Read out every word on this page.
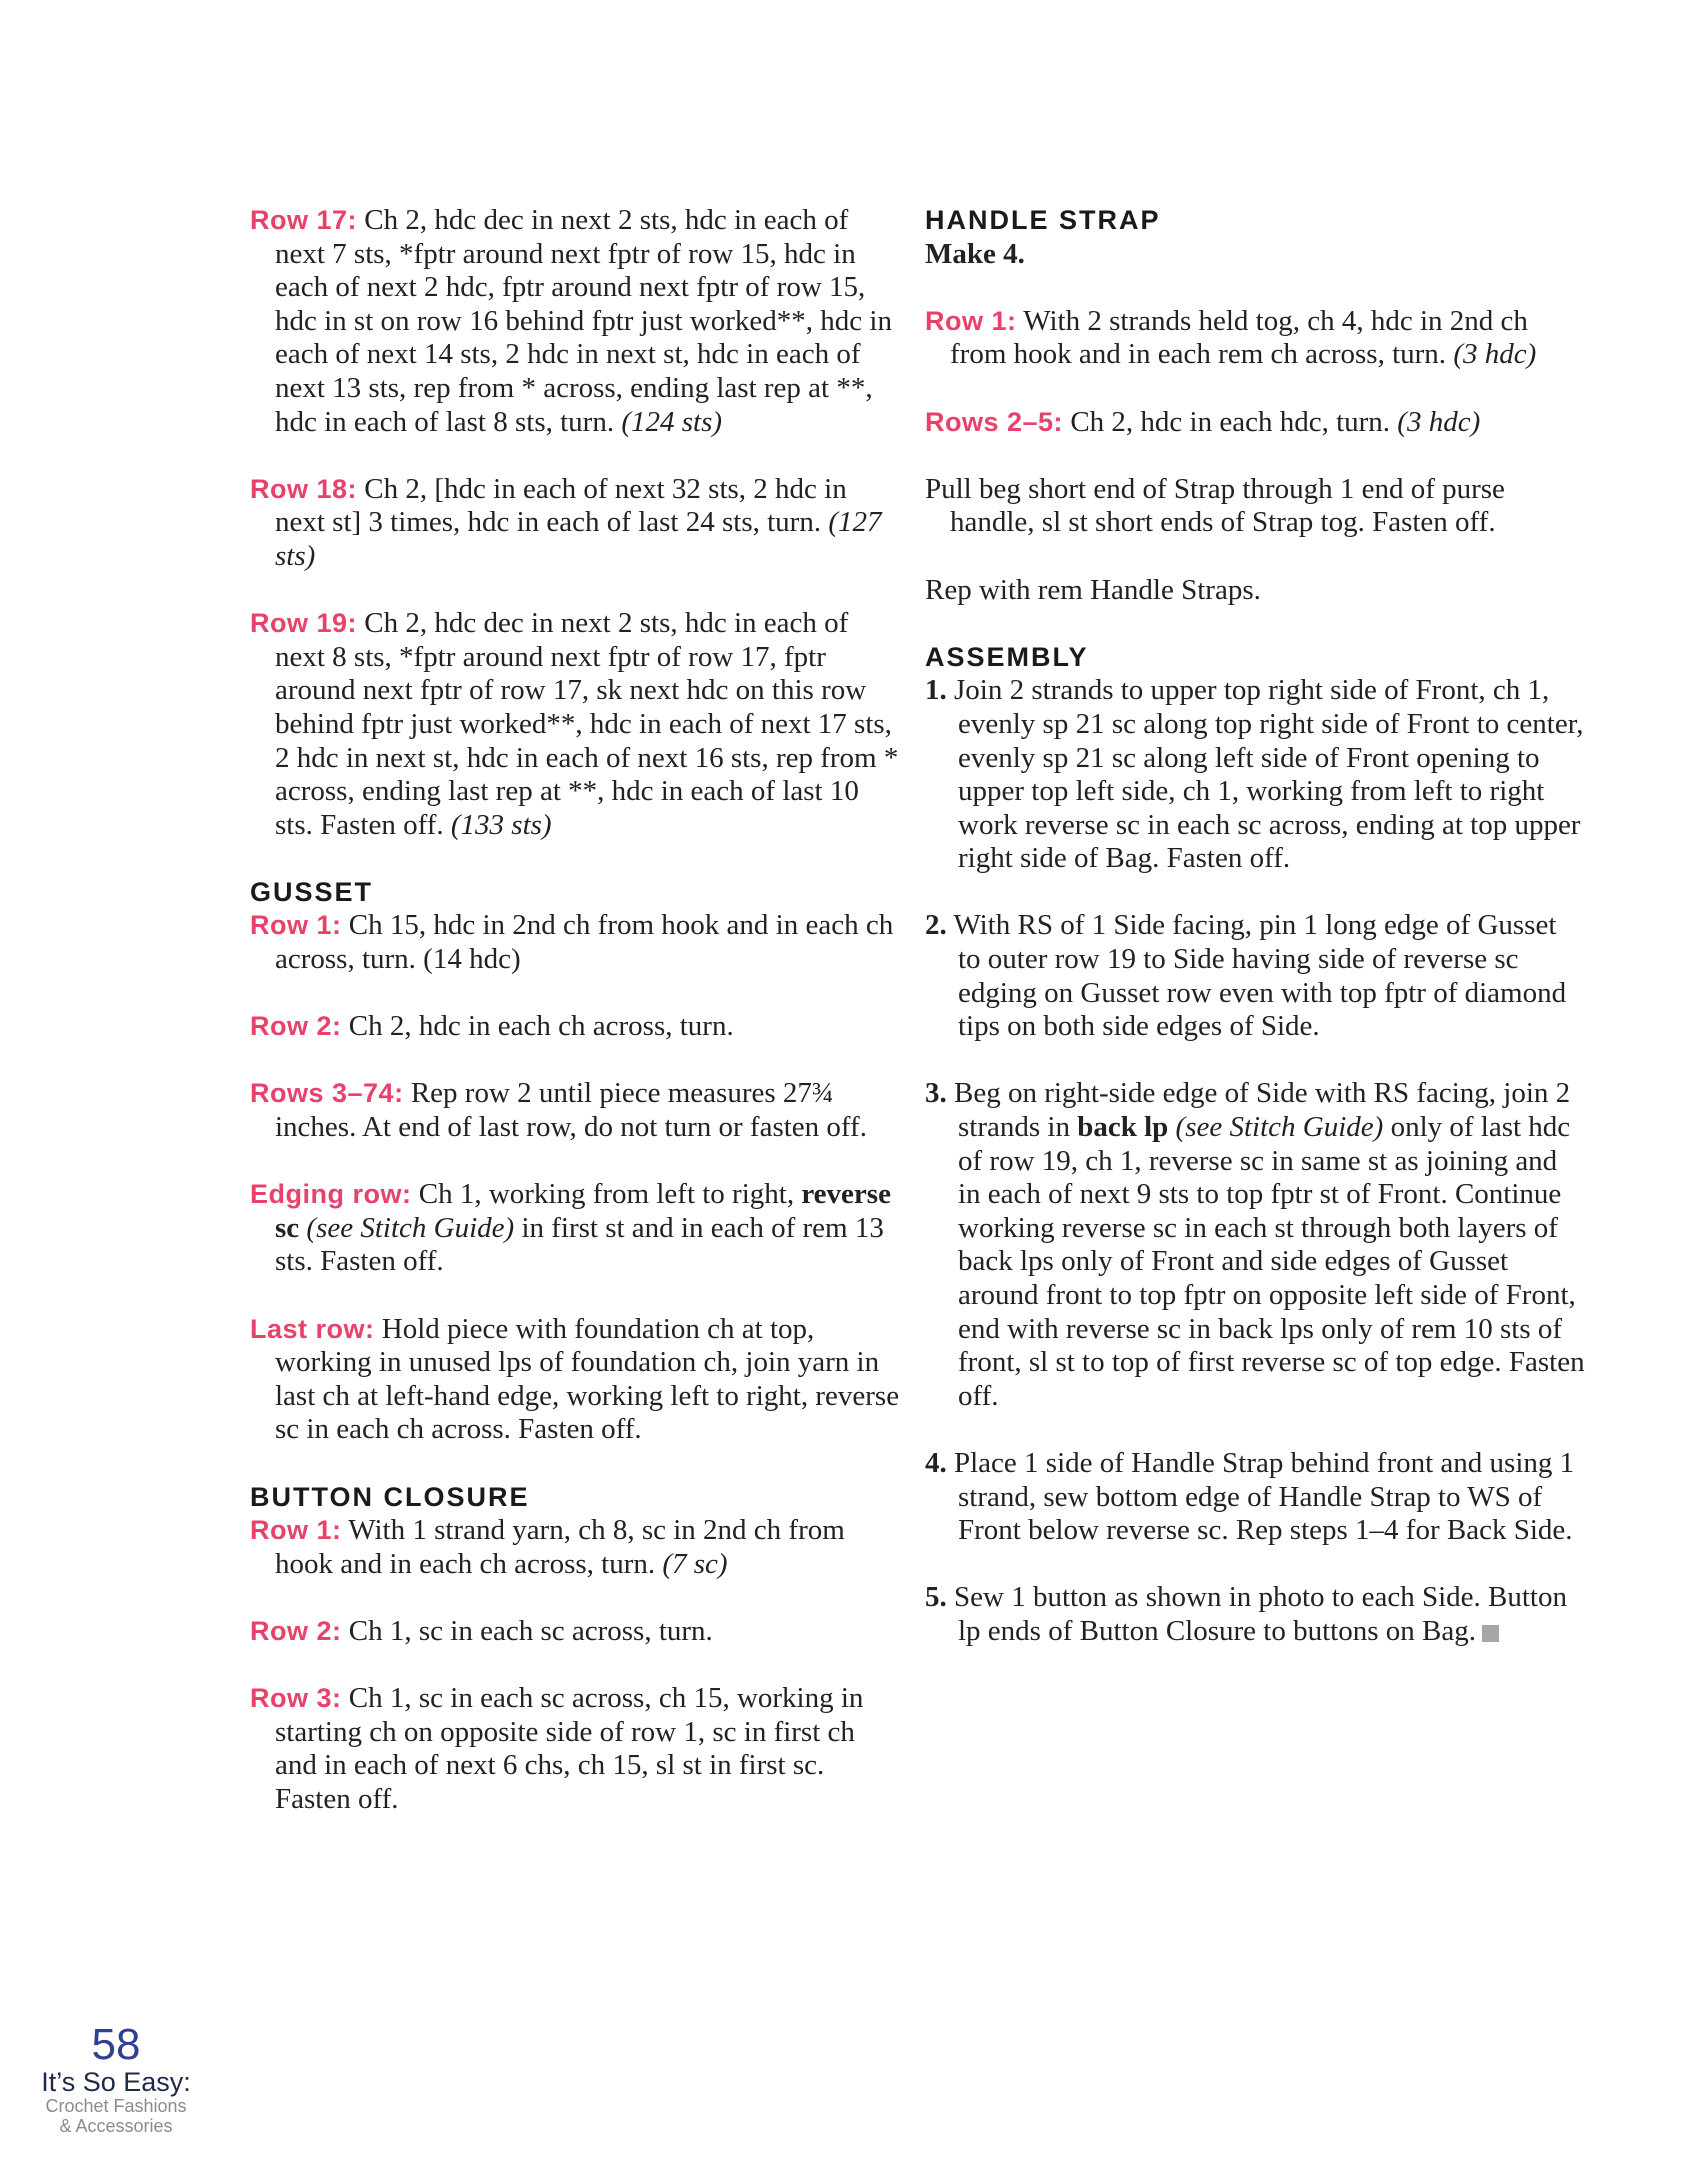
Row 17: Ch 2, hdc dec in next 2 sts, hdc in each of next 7 sts, *fptr around next fptr of row 15, hdc in each of next 2 hdc, fptr around next fptr of row 15, hdc in st on row 16 behind fptr just worked**, hdc in each of next 14 sts, 2 hdc in next st, hdc in each of next 13 sts, rep from * across, ending last rep at **, hdc in each of last 8 sts, turn. (124 sts)

Row 18: Ch 2, [hdc in each of next 32 sts, 2 hdc in next st] 3 times, hdc in each of last 24 sts, turn. (127 sts)

Row 19: Ch 2, hdc dec in next 2 sts, hdc in each of next 8 sts, *fptr around next fptr of row 17, fptr around next fptr of row 17, sk next hdc on this row behind fptr just worked**, hdc in each of next 17 sts, 2 hdc in next st, hdc in each of next 16 sts, rep from * across, ending last rep at **, hdc in each of last 10 sts. Fasten off. (133 sts)

GUSSET

Row 1: Ch 15, hdc in 2nd ch from hook and in each ch across, turn. (14 hdc)

Row 2: Ch 2, hdc in each ch across, turn.

Rows 3–74: Rep row 2 until piece measures 27¾ inches. At end of last row, do not turn or fasten off.

Edging row: Ch 1, working from left to right, reverse sc (see Stitch Guide) in first st and in each of rem 13 sts. Fasten off.

Last row: Hold piece with foundation ch at top, working in unused lps of foundation ch, join yarn in last ch at left-hand edge, working left to right, reverse sc in each ch across. Fasten off.

BUTTON CLOSURE

Row 1: With 1 strand yarn, ch 8, sc in 2nd ch from hook and in each ch across, turn. (7 sc)

Row 2: Ch 1, sc in each sc across, turn.

Row 3: Ch 1, sc in each sc across, ch 15, working in starting ch on opposite side of row 1, sc in first ch and in each of next 6 chs, ch 15, sl st in first sc. Fasten off.

HANDLE STRAP

Make 4.

Row 1: With 2 strands held tog, ch 4, hdc in 2nd ch from hook and in each rem ch across, turn. (3 hdc)

Rows 2–5: Ch 2, hdc in each hdc, turn. (3 hdc)

Pull beg short end of Strap through 1 end of purse handle, sl st short ends of Strap tog. Fasten off.

Rep with rem Handle Straps.

ASSEMBLY

1. Join 2 strands to upper top right side of Front, ch 1, evenly sp 21 sc along top right side of Front to center, evenly sp 21 sc along left side of Front opening to upper top left side, ch 1, working from left to right work reverse sc in each sc across, ending at top upper right side of Bag. Fasten off.

2. With RS of 1 Side facing, pin 1 long edge of Gusset to outer row 19 to Side having side of reverse sc edging on Gusset row even with top fptr of diamond tips on both side edges of Side.

3. Beg on right-side edge of Side with RS facing, join 2 strands in back lp (see Stitch Guide) only of last hdc of row 19, ch 1, reverse sc in same st as joining and in each of next 9 sts to top fptr st of Front. Continue working reverse sc in each st through both layers of back lps only of Front and side edges of Gusset around front to top fptr on opposite left side of Front, end with reverse sc in back lps only of rem 10 sts of front, sl st to top of first reverse sc of top edge. Fasten off.

4. Place 1 side of Handle Strap behind front and using 1 strand, sew bottom edge of Handle Strap to WS of Front below reverse sc. Rep steps 1–4 for Back Side.

5. Sew 1 button as shown in photo to each Side. Button lp ends of Button Closure to buttons on Bag.

58
It’s So Easy:
Crochet Fashions
& Accessories
